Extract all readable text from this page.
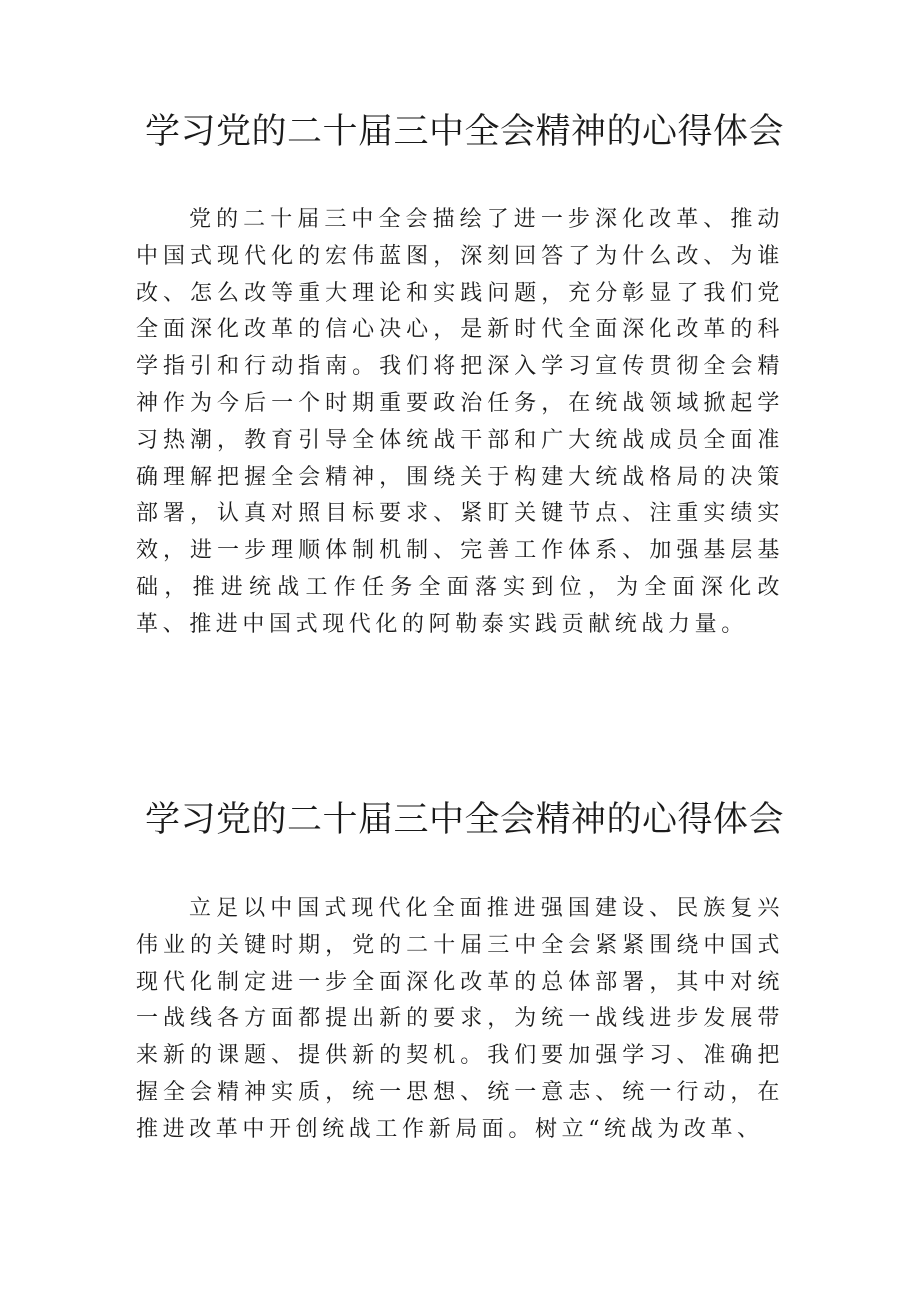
学习党的二十届三中全会精神的心得体会

党的二十届三中全会描绘了进一步深化改革、推动中国式现代化的宏伟蓝图，深刻回答了为什么改、为谁改、怎么改等重大理论和实践问题，充分彰显了我们党全面深化改革的信心决心，是新时代全面深化改革的科学指引和行动指南。我们将把深入学习宣传贯彻全会精神作为今后一个时期重要政治任务，在统战领域掀起学习热潮，教育引导全体统战干部和广大统战成员全面准确理解把握全会精神，围绕关于构建大统战格局的决策部署，认真对照目标要求、紧盯关键节点、注重实绩实效，进一步理顺体制机制、完善工作体系、加强基层基础，推进统战工作任务全面落实到位，为全面深化改革、推进中国式现代化的阿勒泰实践贡献统战力量。

学习党的二十届三中全会精神的心得体会

立足以中国式现代化全面推进强国建设、民族复兴伟业的关键时期，党的二十届三中全会紧紧围绕中国式现代化制定进一步全面深化改革的总体部署，其中对统一战线各方面都提出新的要求，为统一战线进步发展带来新的课题、提供新的契机。我们要加强学习、准确把握全会精神实质，统一思想、统一意志、统一行动，在推进改革中开创统战工作新局面。树立“统战为改革、
